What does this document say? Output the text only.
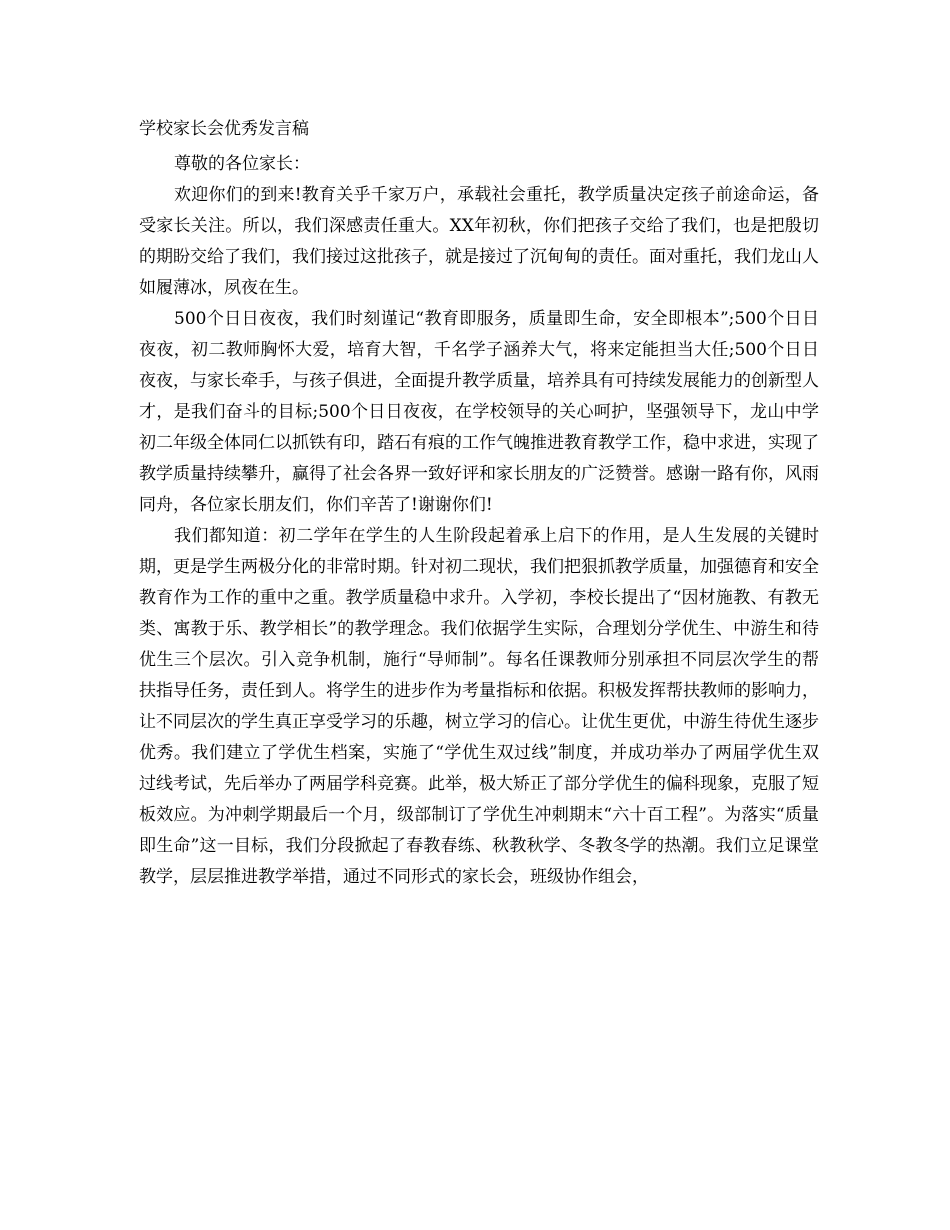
学校家长会优秀发言稿

尊敬的各位家长：

欢迎你们的到来!教育关乎千家万户，承载社会重托，教学质量决定孩子前途命运，备受家长关注。所以，我们深感责任重大。XX年初秋，你们把孩子交给了我们，也是把殷切的期盼交给了我们，我们接过这批孩子，就是接过了沉甸甸的责任。面对重托，我们龙山人如履薄冰，夙夜在生。

500个日日夜夜，我们时刻谨记“教育即服务，质量即生命，安全即根本”;500个日日夜夜，初二教师胸怀大爱，培育大智，千名学子涵养大气，将来定能担当大任;500个日日夜夜，与家长牵手，与孩子俱进，全面提升教学质量，培养具有可持续发展能力的创新型人才，是我们奋斗的目标;500个日日夜夜，在学校领导的关心呵护，坚强领导下，龙山中学初二年级全体同仁以抓铁有印，踏石有痕的工作气魄推进教育教学工作，稳中求进，实现了教学质量持续攀升，赢得了社会各界一致好评和家长朋友的广泛赞誉。感谢一路有你，风雨同舟，各位家长朋友们，你们辛苦了!谢谢你们!

我们都知道：初二学年在学生的人生阶段起着承上启下的作用，是人生发展的关键时期，更是学生两极分化的非常时期。针对初二现状，我们把狠抓教学质量，加强德育和安全教育作为工作的重中之重。教学质量稳中求升。入学初，李校长提出了“因材施教、有教无类、寓教于乐、教学相长”的教学理念。我们依据学生实际，合理划分学优生、中游生和待优生三个层次。引入竞争机制，施行“导师制”。每名任课教师分别承担不同层次学生的帮扶指导任务，责任到人。将学生的进步作为考量指标和依据。积极发挥帮扶教师的影响力，让不同层次的学生真正享受学习的乐趣，树立学习的信心。让优生更优，中游生待优生逐步优秀。我们建立了学优生档案，实施了“学优生双过线”制度，并成功举办了两届学优生双过线考试，先后举办了两届学科竞赛。此举，极大矫正了部分学优生的偏科现象，克服了短板效应。为冲刺学期最后一个月，级部制订了学优生冲刺期末“六十百工程”。为落实“质量即生命”这一目标，我们分段掀起了春教春练、秋教秋学、冬教冬学的热潮。我们立足课堂教学，层层推进教学举措，通过不同形式的家长会，班级协作组会，
